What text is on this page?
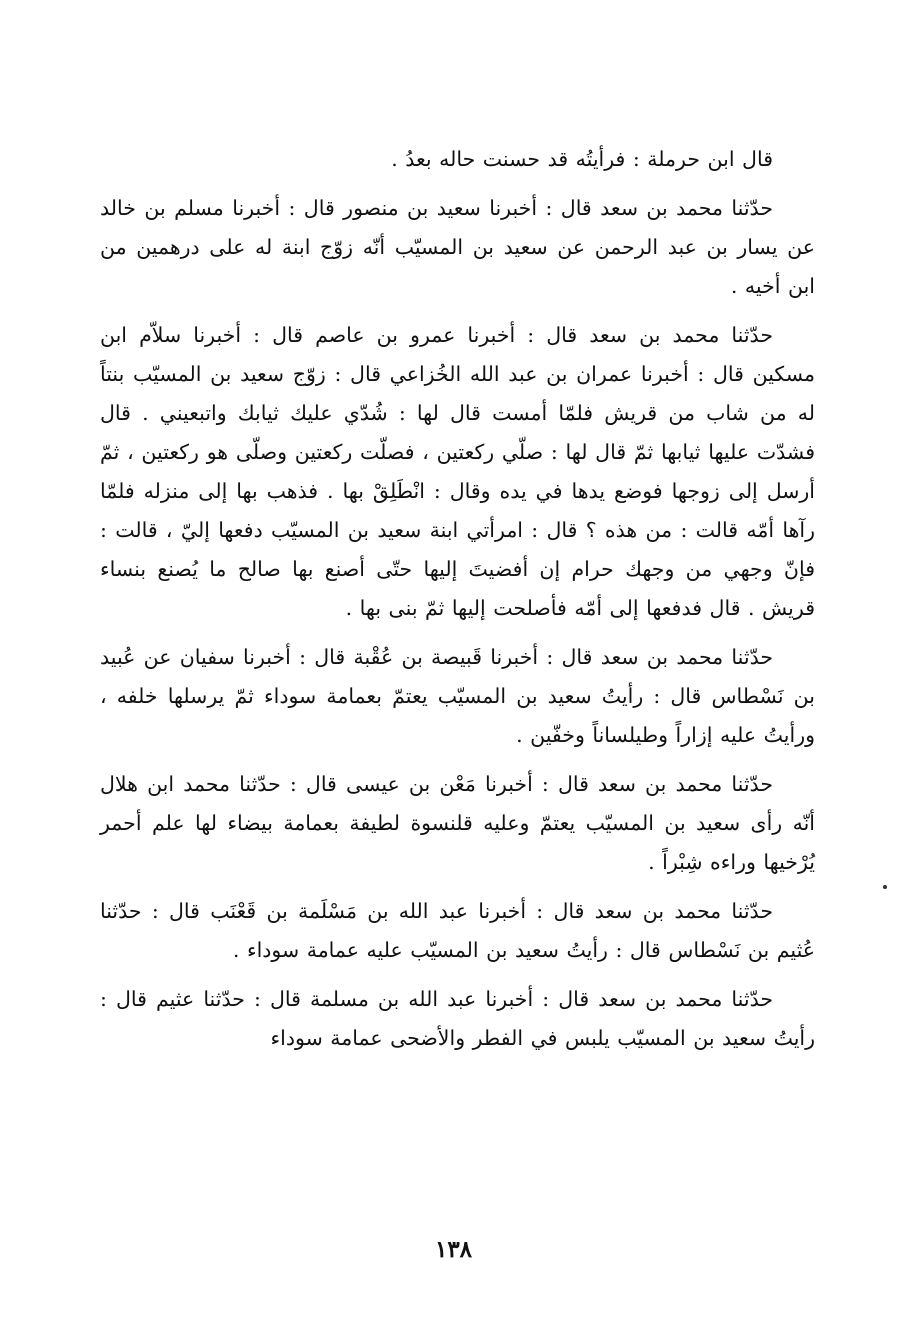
قال ابن حرملة : فرأيتُه قد حسنت حاله بعدُ .

حدّثنا محمد بن سعد قال : أخبرنا سعيد بن منصور قال : أخبرنا مسلم بن خالد عن يسار بن عبد الرحمن عن سعيد بن المسيّب أنّه زوّج ابنة له على درهمين من ابن أخيه .

حدّثنا محمد بن سعد قال : أخبرنا عمرو بن عاصم قال : أخبرنا سلاّم ابن مسكين قال : أخبرنا عمران بن عبد الله الخُزاعي قال : زوّج سعيد بن المسيّب بنتاً له من شاب من قريش فلمّا أمست قال لها : شُدّي عليك ثيابك واتبعيني . قال فشدّت عليها ثيابها ثمّ قال لها : صلّي ركعتين ، فصلّت ركعتين وصلّى هو ركعتين ، ثمّ أرسل إلى زوجها فوضع يدها في يده وقال : انْطَلِقْ بها . فذهب بها إلى منزله فلمّا رآها أمّه قالت : من هذه ؟ قال : امرأتي ابنة سعيد بن المسيّب دفعها إليّ ، قالت : فإنّ وجهي من وجهك حرام إن أفضيتَ إليها حتّى أصنع بها صالح ما يُصنع بنساء قريش . قال فدفعها إلى أمّه فأصلحت إليها ثمّ بنى بها .

حدّثنا محمد بن سعد قال : أخبرنا قَبيصة بن عُقْبة قال : أخبرنا سفيان عن عُبيد بن نَسْطاس قال : رأيتُ سعيد بن المسيّب يعتمّ بعمامة سوداء ثمّ يرسلها خلفه ، ورأيتُ عليه إزاراً وطيلساناً وخفّين .

حدّثنا محمد بن سعد قال : أخبرنا مَعْن بن عيسى قال : حدّثنا محمد ابن هلال أنّه رأى سعيد بن المسيّب يعتمّ وعليه قلنسوة لطيفة بعمامة بيضاء لها علم أحمر يُرْخيها وراءه شِبْراً .

حدّثنا محمد بن سعد قال : أخبرنا عبد الله بن مَسْلَمة بن قَعْنَب قال : حدّثنا عُثيم بن نَسْطاس قال : رأيتُ سعيد بن المسيّب عليه عمامة سوداء .

حدّثنا محمد بن سعد قال : أخبرنا عبد الله بن مسلمة قال : حدّثنا عثيم قال : رأيتُ سعيد بن المسيّب يلبس في الفطر والأضحى عمامة سوداء

١٣٨
